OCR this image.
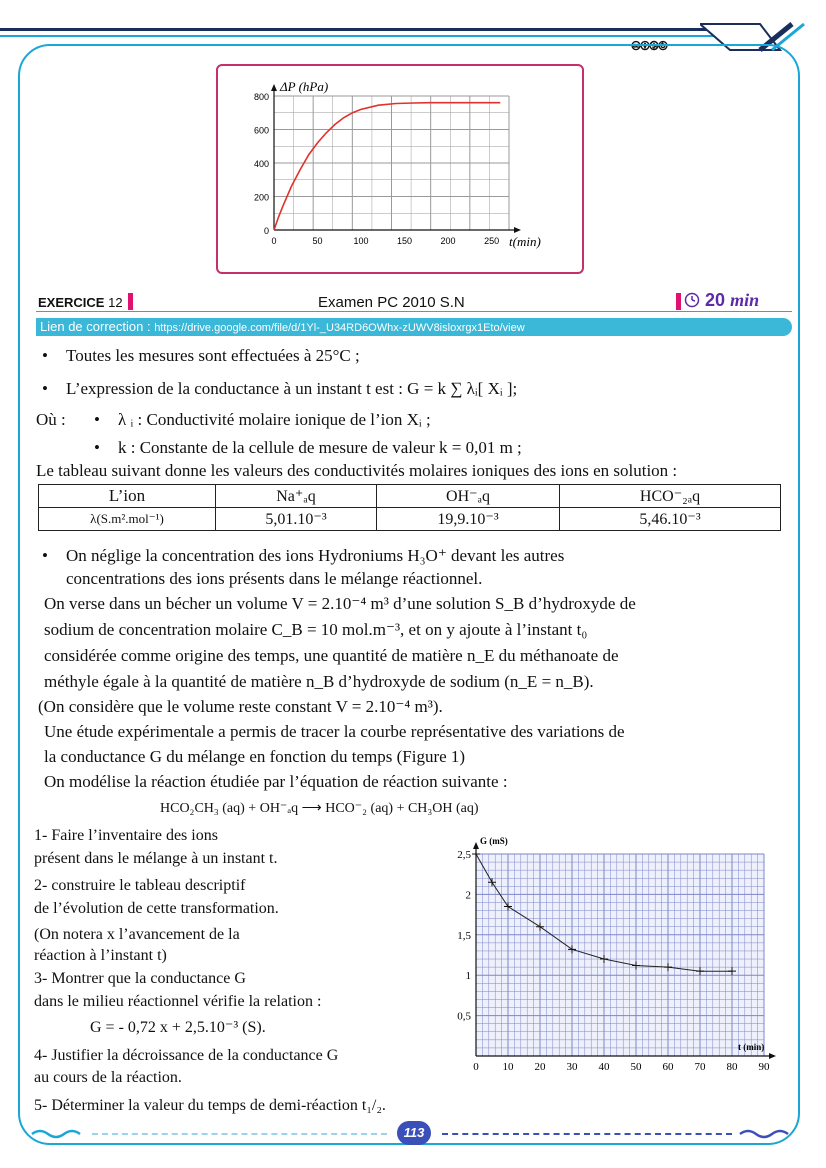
🅭🅯🄏🄎
0	50	100	150	200	250
0
200
400
600
800
ΔP (hPa)
t(min)
EXERCICE 12	Examen PC 2010 S.N	20 min
Lien de correction : https://drive.google.com/file/d/1Yl-_U34RD6OWhx-zUWV8isloxrgx1Eto/view
• Toutes les mesures sont effectuées à 25°C ;
• L’expression de la conductance à un instant t est : G = k ∑ λᵢ[ Xᵢ ];
Où :	• λ ᵢ : Conductivité molaire ionique de l’ion Xᵢ ;
• k : Constante de la cellule de mesure de valeur k = 0,01 m ;
Le tableau suivant donne les valeurs des conductivités molaires ioniques des ions en solution :
L’ion	Na⁺ₐq	OH⁻ₐq	HCO⁻₂ₐq
λ(S.m².mol⁻¹)	5,01.10⁻³	19,9.10⁻³	5,46.10⁻³
• On néglige la concentration des ions Hydroniums H₃O⁺ devant les autres
concentrations des ions présents dans le mélange réactionnel.
On verse dans un bécher un volume V = 2.10⁻⁴ m³ d’une solution S_B d’hydroxyde de
sodium de concentration molaire C_B = 10 mol.m⁻³, et on y ajoute à l’instant t₀
considérée comme origine des temps, une quantité de matière n_E du méthanoate de
méthyle égale à la quantité de matière n_B d’hydroxyde de sodium (n_E = n_B).
(On considère que le volume reste constant V = 2.10⁻⁴ m³).
Une étude expérimentale a permis de tracer la courbe représentative des variations de
la conductance G du mélange en fonction du temps (Figure 1)
On modélise la réaction étudiée par l’équation de réaction suivante :
HCO₂CH₃ (aq) + OH⁻ₐq ⟶ HCO⁻₂ (aq) + CH₃OH (aq)
1- Faire l’inventaire des ions
présent dans le mélange à un instant t.
2- construire le tableau descriptif
de l’évolution de cette transformation.
(On notera x l’avancement de la
réaction à l’instant t)
3- Montrer que la conductance G
dans le milieu réactionnel vérifie la relation :
G = - 0,72 x + 2,5.10⁻³ (S).
4- Justifier la décroissance de la conductance G
au cours de la réaction.
5- Déterminer la valeur du temps de demi-réaction t₁/₂.
0 10 20 30 40 50 60 70 80 90
0,5
1
1,5
2
2,5
G (mS)
t (min)
113
